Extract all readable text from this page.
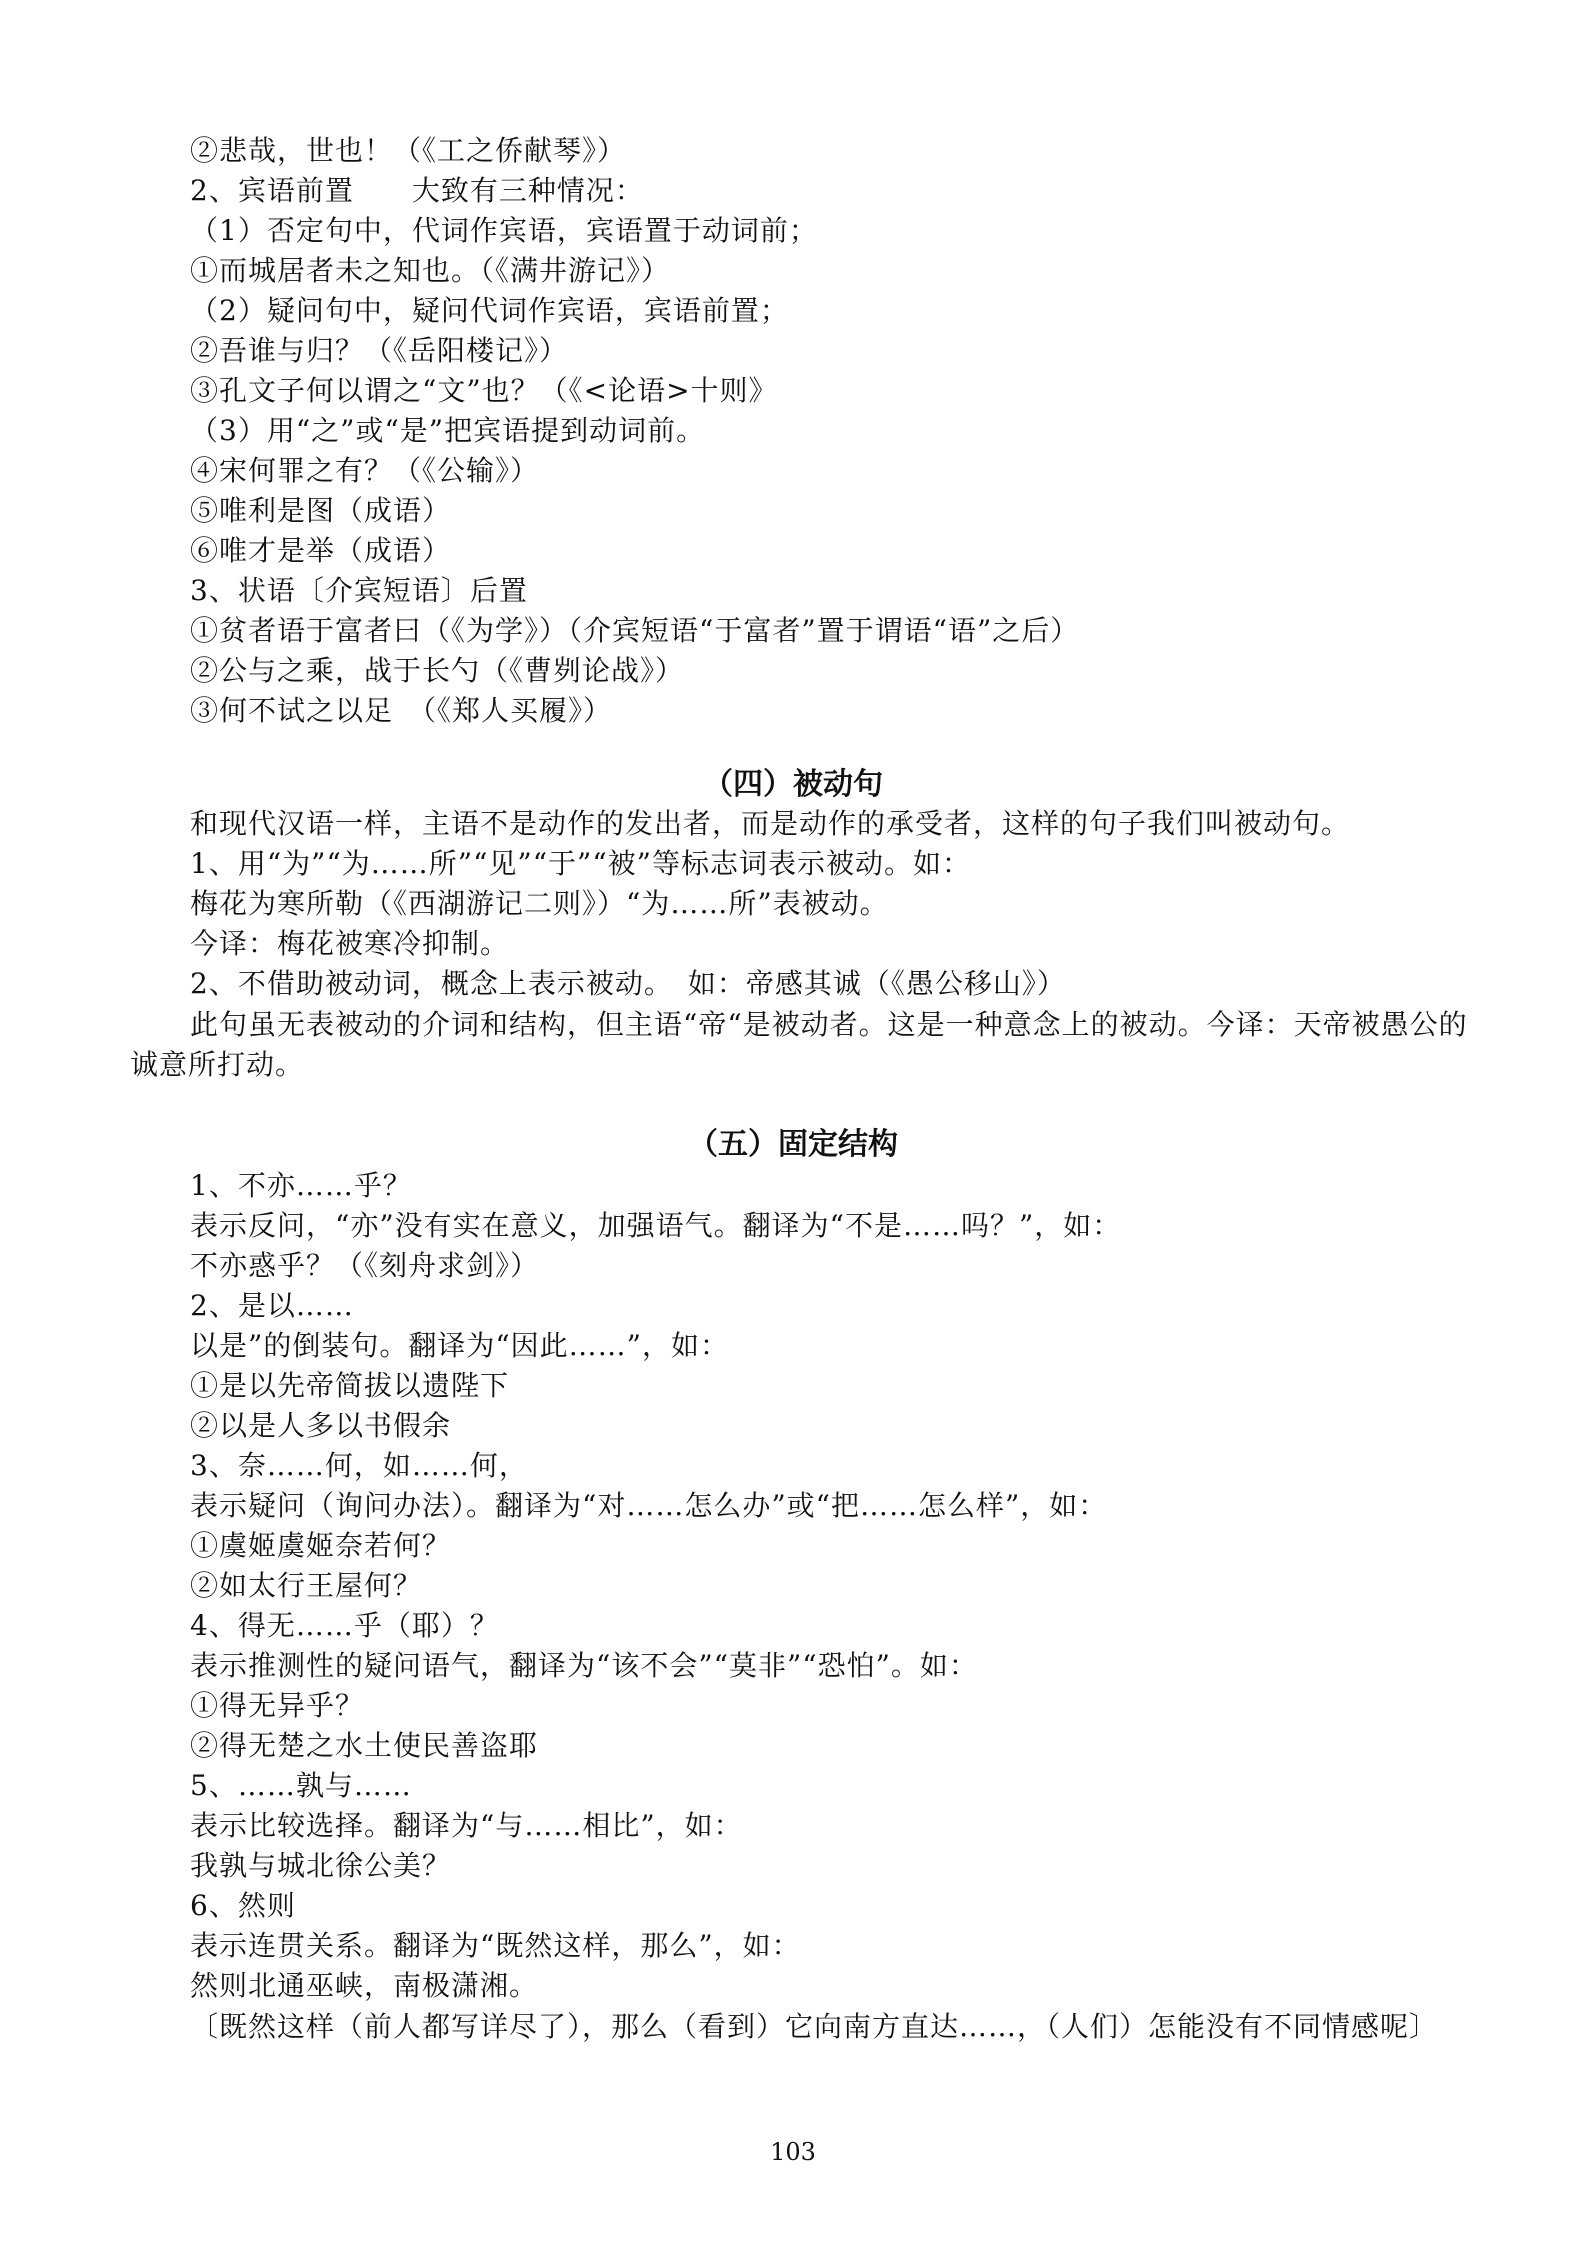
②悲哉，世也！（《工之侨献琴》）
2、宾语前置　　大致有三种情况：
（1）否定句中，代词作宾语，宾语置于动词前；
①而城居者未之知也。（《满井游记》）
（2）疑问句中，疑问代词作宾语，宾语前置；
②吾谁与归？（《岳阳楼记》）
③孔文子何以谓之“文”也？（《<论语>十则》
（3）用“之”或“是”把宾语提到动词前。
④宋何罪之有？（《公输》）
⑤唯利是图（成语）
⑥唯才是举（成语）
3、状语〔介宾短语〕后置
①贫者语于富者曰（《为学》）（介宾短语“于富者”置于谓语“语”之后）
②公与之乘，战于长勺（《曹刿论战》）
③何不试之以足　（《郑人买履》）
（四）被动句
和现代汉语一样，主语不是动作的发出者，而是动作的承受者，这样的句子我们叫被动句。
1、用“为”“为……所”“见”“于”“被”等标志词表示被动。如：
梅花为寒所勒（《西湖游记二则》）“为……所”表被动。
今译：梅花被寒冷抑制。
2、不借助被动词，概念上表示被动。　如：帝感其诚（《愚公移山》）
此句虽无表被动的介词和结构，但主语“帝“是被动者。这是一种意念上的被动。今译：天帝被愚公的诚意所打动。
（五）固定结构
1、不亦……乎？
表示反问，“亦”没有实在意义，加强语气。翻译为“不是……吗？”，如：
不亦惑乎？（《刻舟求剑》）
2、是以……
以是”的倒装句。翻译为“因此……”，如：
①是以先帝简拔以遗陛下
②以是人多以书假余
3、奈……何，如……何，
表示疑问（询问办法）。翻译为“对……怎么办”或“把……怎么样”，如：
①虞姬虞姬奈若何？
②如太行王屋何？
4、得无……乎（耶）？
表示推测性的疑问语气，翻译为“该不会”“莫非”“恐怕”。如：
①得无异乎？
②得无楚之水土使民善盗耶
5、……孰与……
表示比较选择。翻译为“与……相比”，如：
我孰与城北徐公美？
6、然则
表示连贯关系。翻译为“既然这样，那么”，如：
然则北通巫峡，南极潇湘。
〔既然这样（前人都写详尽了），那么（看到）它向南方直达……，（人们）怎能没有不同情感呢〕
103
